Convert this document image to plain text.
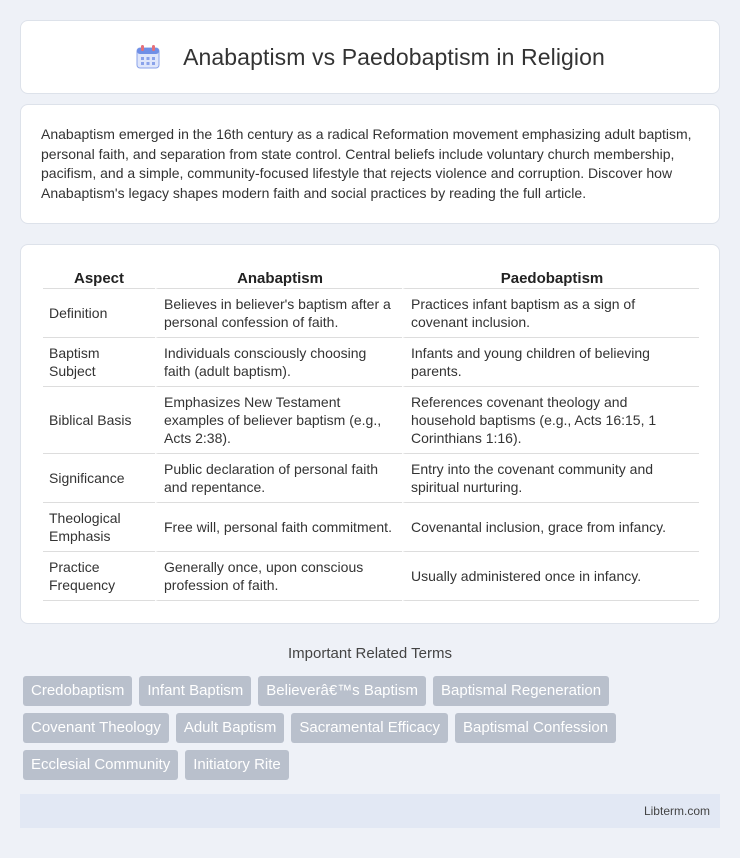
Anabaptism vs Paedobaptism in Religion

Anabaptism emerged in the 16th century as a radical Reformation movement emphasizing adult baptism, personal faith, and separation from state control. Central beliefs include voluntary church membership, pacifism, and a simple, community-focused lifestyle that rejects violence and corruption. Discover how Anabaptism's legacy shapes modern faith and social practices by reading the full article.

Aspect	Anabaptism	Paedobaptism
Definition	Believes in believer's baptism after a personal confession of faith.	Practices infant baptism as a sign of covenant inclusion.
Baptism Subject	Individuals consciously choosing faith (adult baptism).	Infants and young children of believing parents.
Biblical Basis	Emphasizes New Testament examples of believer baptism (e.g., Acts 2:38).	References covenant theology and household baptisms (e.g., Acts 16:15, 1 Corinthians 1:16).
Significance	Public declaration of personal faith and repentance.	Entry into the covenant community and spiritual nurturing.
Theological Emphasis	Free will, personal faith commitment.	Covenantal inclusion, grace from infancy.
Practice Frequency	Generally once, upon conscious profession of faith.	Usually administered once in infancy.
Important Related Terms
Credobaptism	Infant Baptism	Believerâ€™s Baptism	Baptismal Regeneration
Covenant Theology	Adult Baptism	Sacramental Efficacy	Baptismal Confession
Ecclesial Community	Initiatory Rite
Libterm.com
